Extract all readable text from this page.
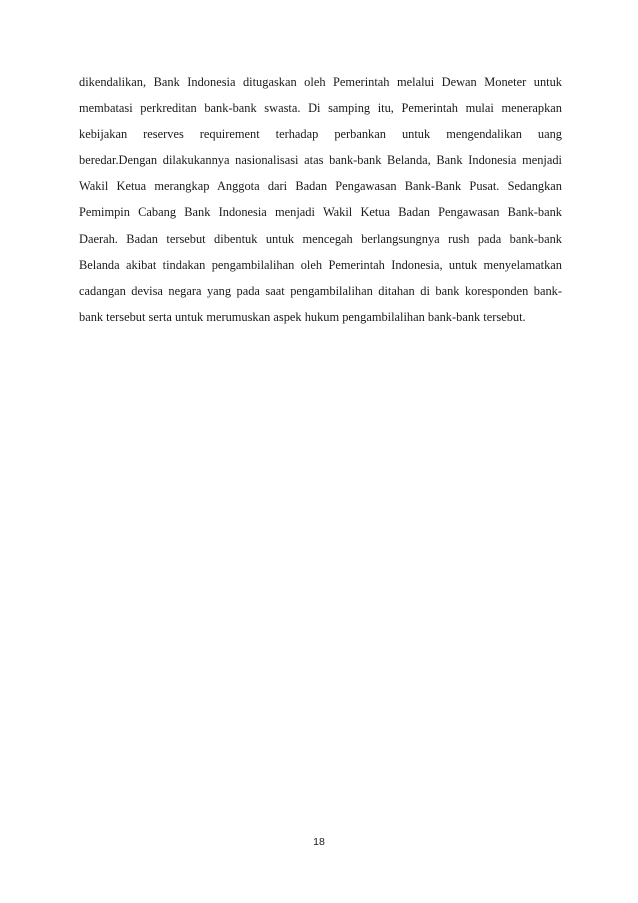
dikendalikan, Bank Indonesia ditugaskan oleh Pemerintah melalui Dewan Moneter untuk
membatasi perkreditan bank-bank swasta. Di samping itu, Pemerintah mulai menerapkan
kebijakan reserves requirement terhadap perbankan untuk mengendalikan uang
beredar.Dengan dilakukannya nasionalisasi atas bank-bank Belanda, Bank Indonesia menjadi
Wakil Ketua merangkap Anggota dari Badan Pengawasan Bank-Bank Pusat. Sedangkan
Pemimpin Cabang Bank Indonesia menjadi Wakil Ketua Badan Pengawasan Bank-bank
Daerah. Badan tersebut dibentuk untuk mencegah berlangsungnya rush pada bank-bank
Belanda akibat tindakan pengambilalihan oleh Pemerintah Indonesia, untuk menyelamatkan
cadangan devisa negara yang pada saat pengambilalihan ditahan di bank koresponden bank-
bank tersebut serta untuk merumuskan aspek hukum pengambilalihan bank-bank tersebut.
18
